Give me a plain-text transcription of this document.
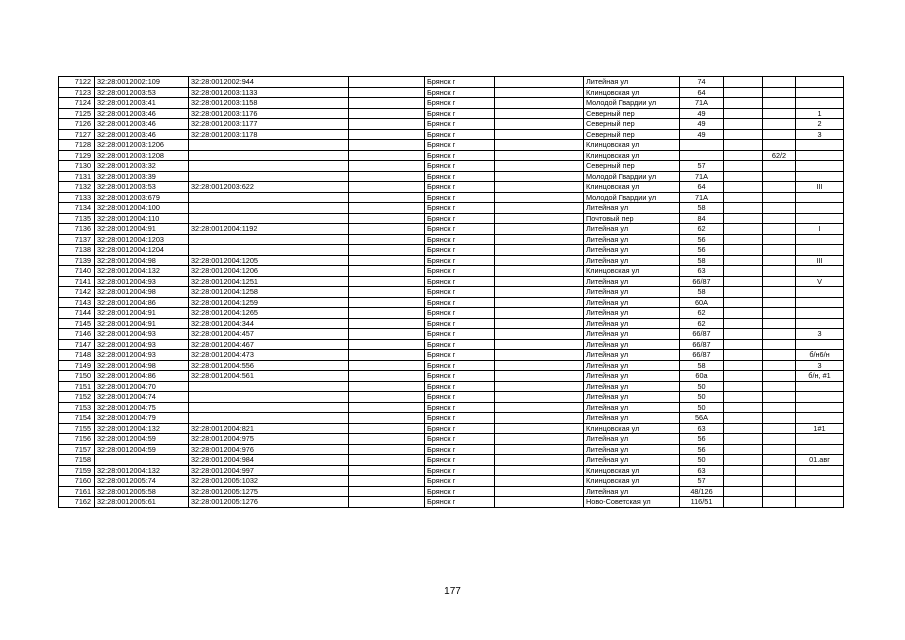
7122	32:28:0012002:109	32:28:0012002:944		Брянск г		Литейная ул	74			
7123	32:28:0012003:53	32:28:0012003:1133		Брянск г		Клинцовская ул	64			
7124	32:28:0012003:41	32:28:0012003:1158		Брянск г		Молодой Гвардии ул	71А			
7125	32:28:0012003:46	32:28:0012003:1176		Брянск г		Северный пер	49			1
7126	32:28:0012003:46	32:28:0012003:1177		Брянск г		Северный пер	49			2
7127	32:28:0012003:46	32:28:0012003:1178		Брянск г		Северный пер	49			3
7128	32:28:0012003:1206			Брянск г		Клинцовская ул				
7129	32:28:0012003:1208			Брянск г		Клинцовская ул			62/2	
7130	32:28:0012003:32			Брянск г		Северный пер	57			
7131	32:28:0012003:39			Брянск г		Молодой Гвардии ул	71А			
7132	32:28:0012003:53	32:28:0012003:622		Брянск г		Клинцовская ул	64			III
7133	32:28:0012003:679			Брянск г		Молодой Гвардии ул	71А			
7134	32:28:0012004:100			Брянск г		Литейная ул	58			
7135	32:28:0012004:110			Брянск г		Почтовый пер	84			
7136	32:28:0012004:91	32:28:0012004:1192		Брянск г		Литейная ул	62			I
7137	32:28:0012004:1203			Брянск г		Литейная ул	56			
7138	32:28:0012004:1204			Брянск г		Литейная ул	56			
7139	32:28:0012004:98	32:28:0012004:1205		Брянск г		Литейная ул	58			III
7140	32:28:0012004:132	32:28:0012004:1206		Брянск г		Клинцовская ул	63			
7141	32:28:0012004:93	32:28:0012004:1251		Брянск г		Литейная ул	66/87			V
7142	32:28:0012004:98	32:28:0012004:1258		Брянск г		Литейная ул	58			
7143	32:28:0012004:86	32:28:0012004:1259		Брянск г		Литейная ул	60А			
7144	32:28:0012004:91	32:28:0012004:1265		Брянск г		Литейная ул	62			
7145	32:28:0012004:91	32:28:0012004:344		Брянск г		Литейная ул	62			
7146	32:28:0012004:93	32:28:0012004:457		Брянск г		Литейная ул	66/87			3
7147	32:28:0012004:93	32:28:0012004:467		Брянск г		Литейная ул	66/87			
7148	32:28:0012004:93	32:28:0012004:473		Брянск г		Литейная ул	66/87			б/н6/н
7149	32:28:0012004:98	32:28:0012004:556		Брянск г		Литейная ул	58			3
7150	32:28:0012004:86	32:28:0012004:561		Брянск г		Литейная ул	60а			б/н, #1
7151	32:28:0012004:70			Брянск г		Литейная ул	50			
7152	32:28:0012004:74			Брянск г		Литейная ул	50			
7153	32:28:0012004:75			Брянск г		Литейная ул	50			
7154	32:28:0012004:79			Брянск г		Литейная ул	56А			
7155	32:28:0012004:132	32:28:0012004:821		Брянск г		Клинцовская ул	63			1#1
7156	32:28:0012004:59	32:28:0012004:975		Брянск г		Литейная ул	56			
7157	32:28:0012004:59	32:28:0012004:976		Брянск г		Литейная ул	56			
7158		32:28:0012004:984		Брянск г		Литейная ул	50			01.авг
7159	32:28:0012004:132	32:28:0012004:997		Брянск г		Клинцовская ул	63			
7160	32:28:0012005:74	32:28:0012005:1032		Брянск г		Клинцовская ул	57			
7161	32:28:0012005:58	32:28:0012005:1275		Брянск г		Литейная ул	48/126			
7162	32:28:0012005:61	32:28:0012005:1276		Брянск г		Ново-Советская ул	116/51			
177
